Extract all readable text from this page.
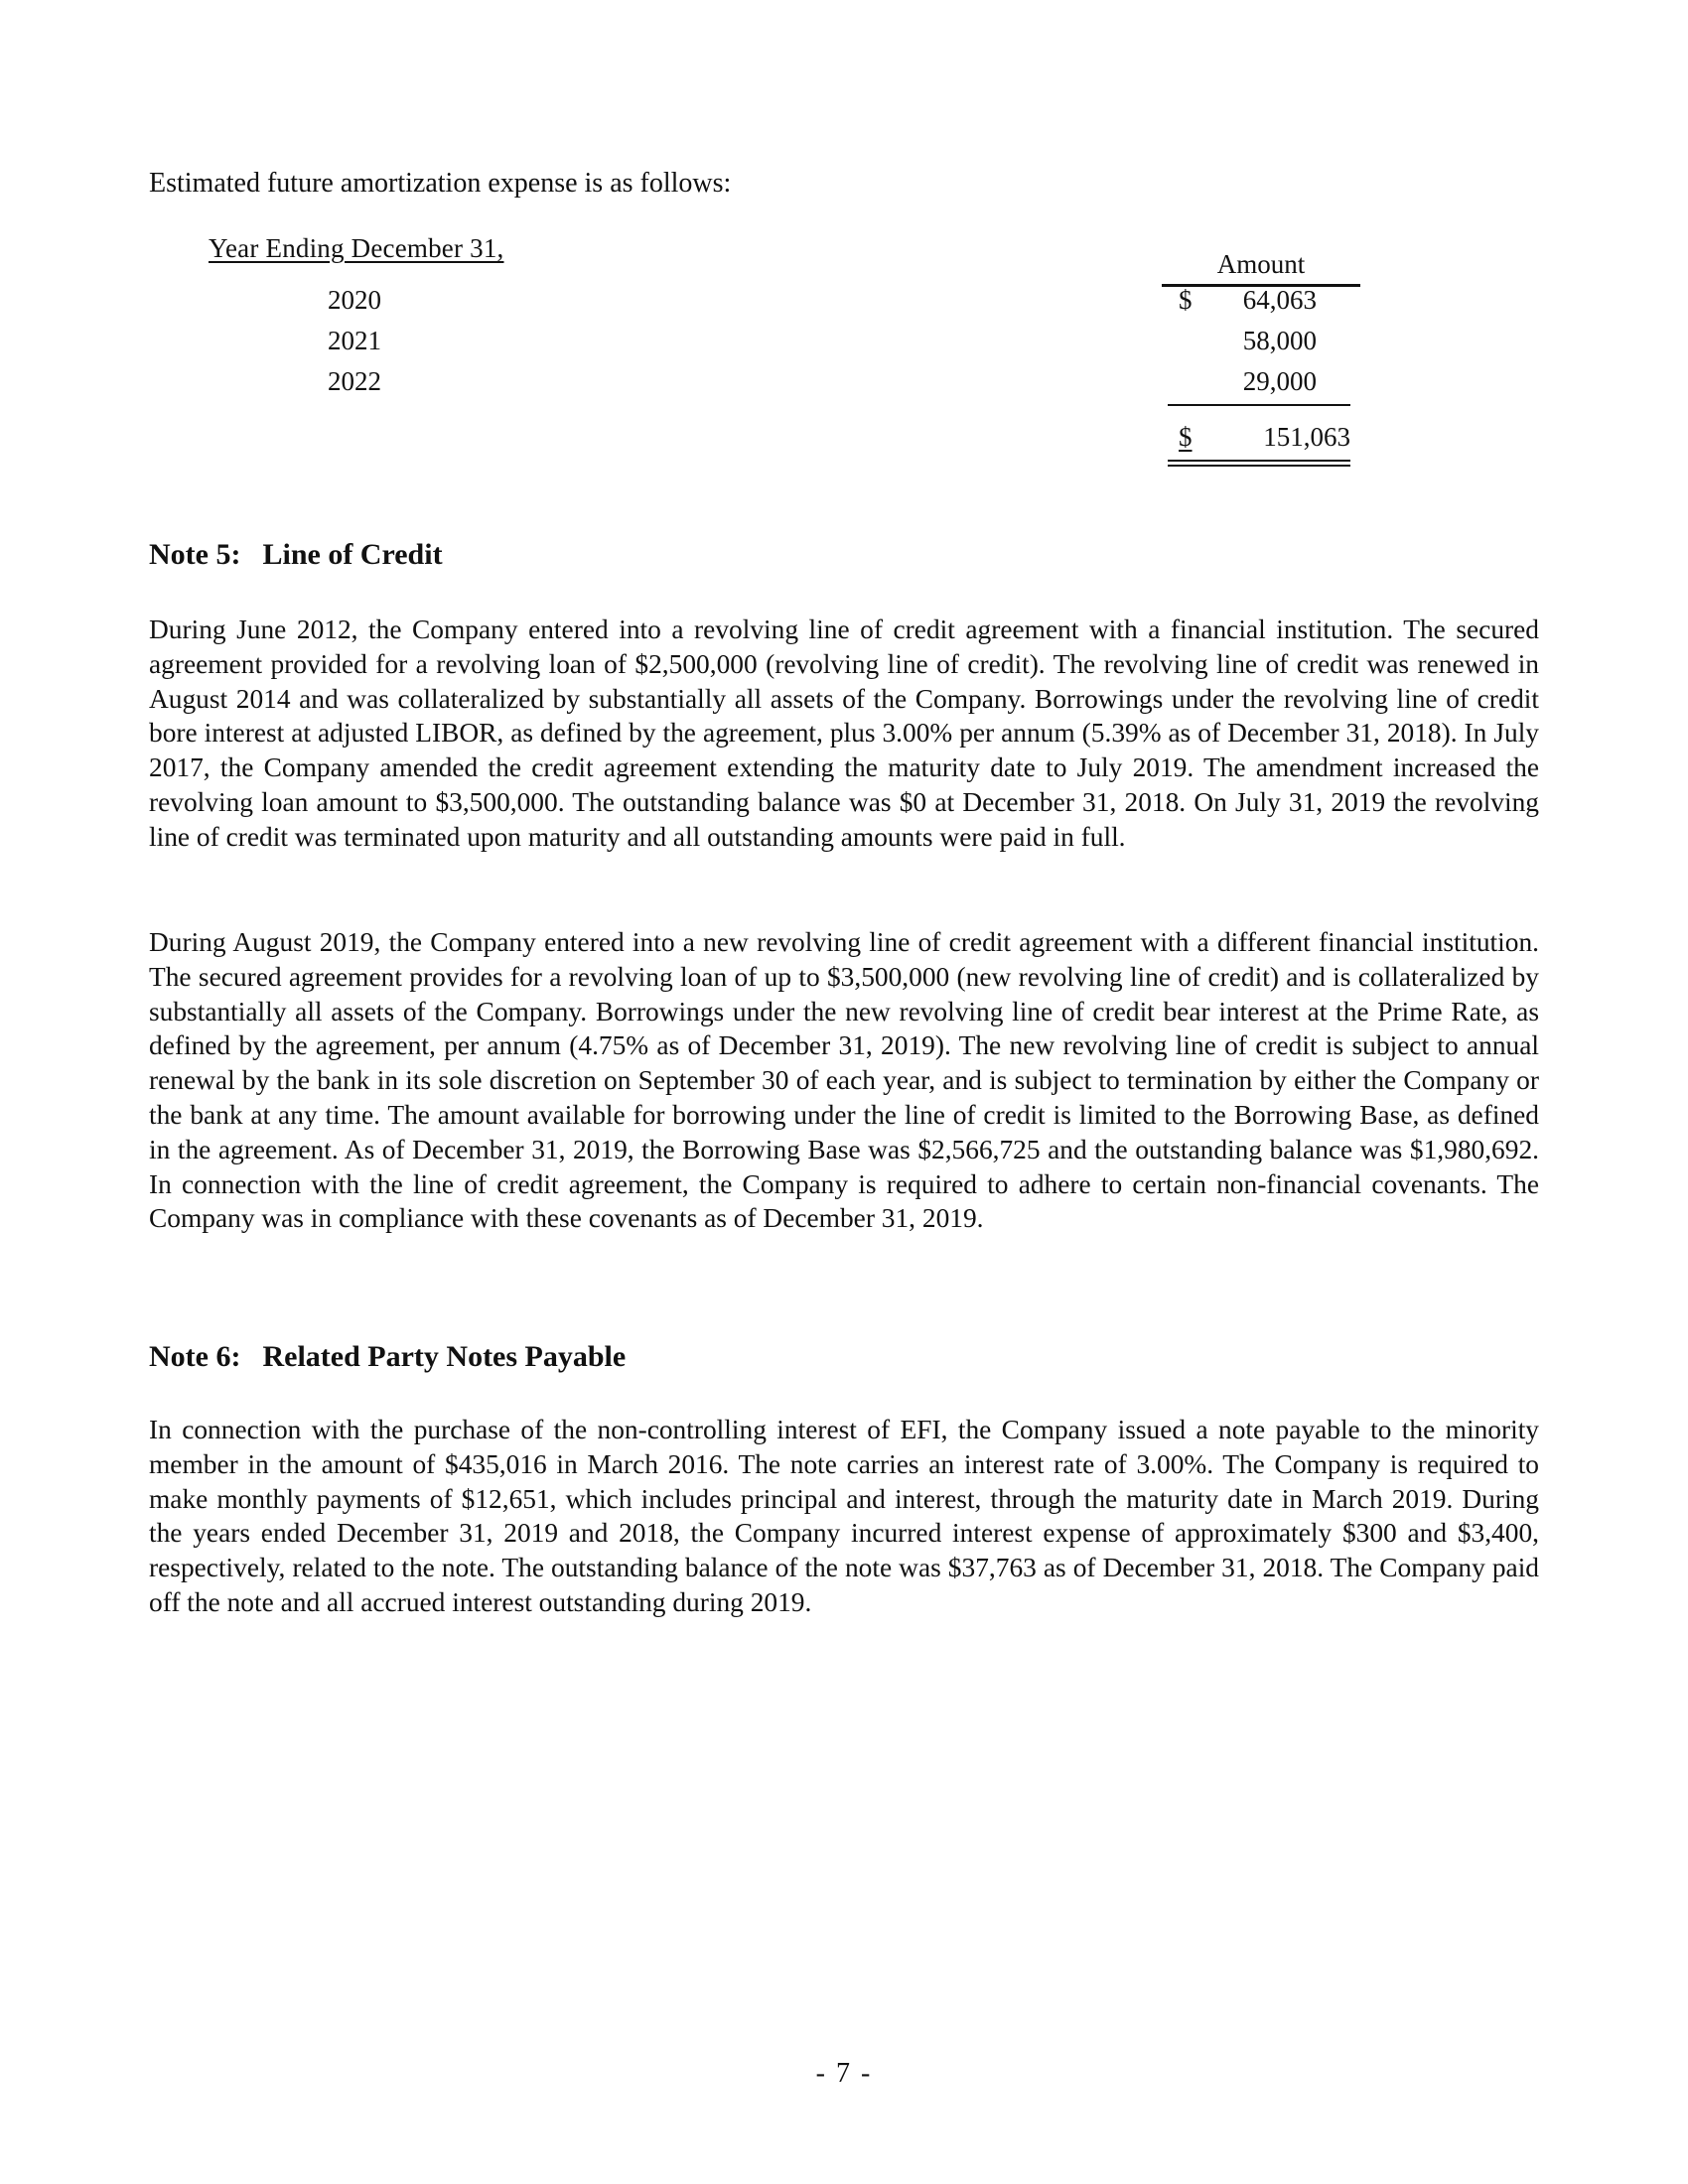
Estimated future amortization expense is as follows:

Year Ending December 31,
Amount
2020	$ 64,063
2021	58,000
2022	29,000
$	151,063
Note 5: Line of Credit

During June 2012, the Company entered into a revolving line of credit agreement with a financial institution. The secured agreement provided for a revolving loan of $2,500,000 (revolving line of credit). The revolving line of credit was renewed in August 2014 and was collateralized by substantially all assets of the Company. Borrowings under the revolving line of credit bore interest at adjusted LIBOR, as defined by the agreement, plus 3.00% per annum (5.39% as of December 31, 2018). In July 2017, the Company amended the credit agreement extending the maturity date to July 2019. The amendment increased the revolving loan amount to $3,500,000. The outstanding balance was $0 at December 31, 2018. On July 31, 2019 the revolving line of credit was terminated upon maturity and all outstanding amounts were paid in full.

During August 2019, the Company entered into a new revolving line of credit agreement with a different financial institution. The secured agreement provides for a revolving loan of up to $3,500,000 (new revolving line of credit) and is collateralized by substantially all assets of the Company. Borrowings under the new revolving line of credit bear interest at the Prime Rate, as defined by the agreement, per annum (4.75% as of December 31, 2019). The new revolving line of credit is subject to annual renewal by the bank in its sole discretion on September 30 of each year, and is subject to termination by either the Company or the bank at any time. The amount available for borrowing under the line of credit is limited to the Borrowing Base, as defined in the agreement. As of December 31, 2019, the Borrowing Base was $2,566,725 and the outstanding balance was $1,980,692. In connection with the line of credit agreement, the Company is required to adhere to certain non-financial covenants. The Company was in compliance with these covenants as of December 31, 2019.

Note 6: Related Party Notes Payable

In connection with the purchase of the non-controlling interest of EFI, the Company issued a note payable to the minority member in the amount of $435,016 in March 2016. The note carries an interest rate of 3.00%. The Company is required to make monthly payments of $12,651, which includes principal and interest, through the maturity date in March 2019. During the years ended December 31, 2019 and 2018, the Company incurred interest expense of approximately $300 and $3,400, respectively, related to the note. The outstanding balance of the note was $37,763 as of December 31, 2018. The Company paid off the note and all accrued interest outstanding during 2019.

- 7 -
